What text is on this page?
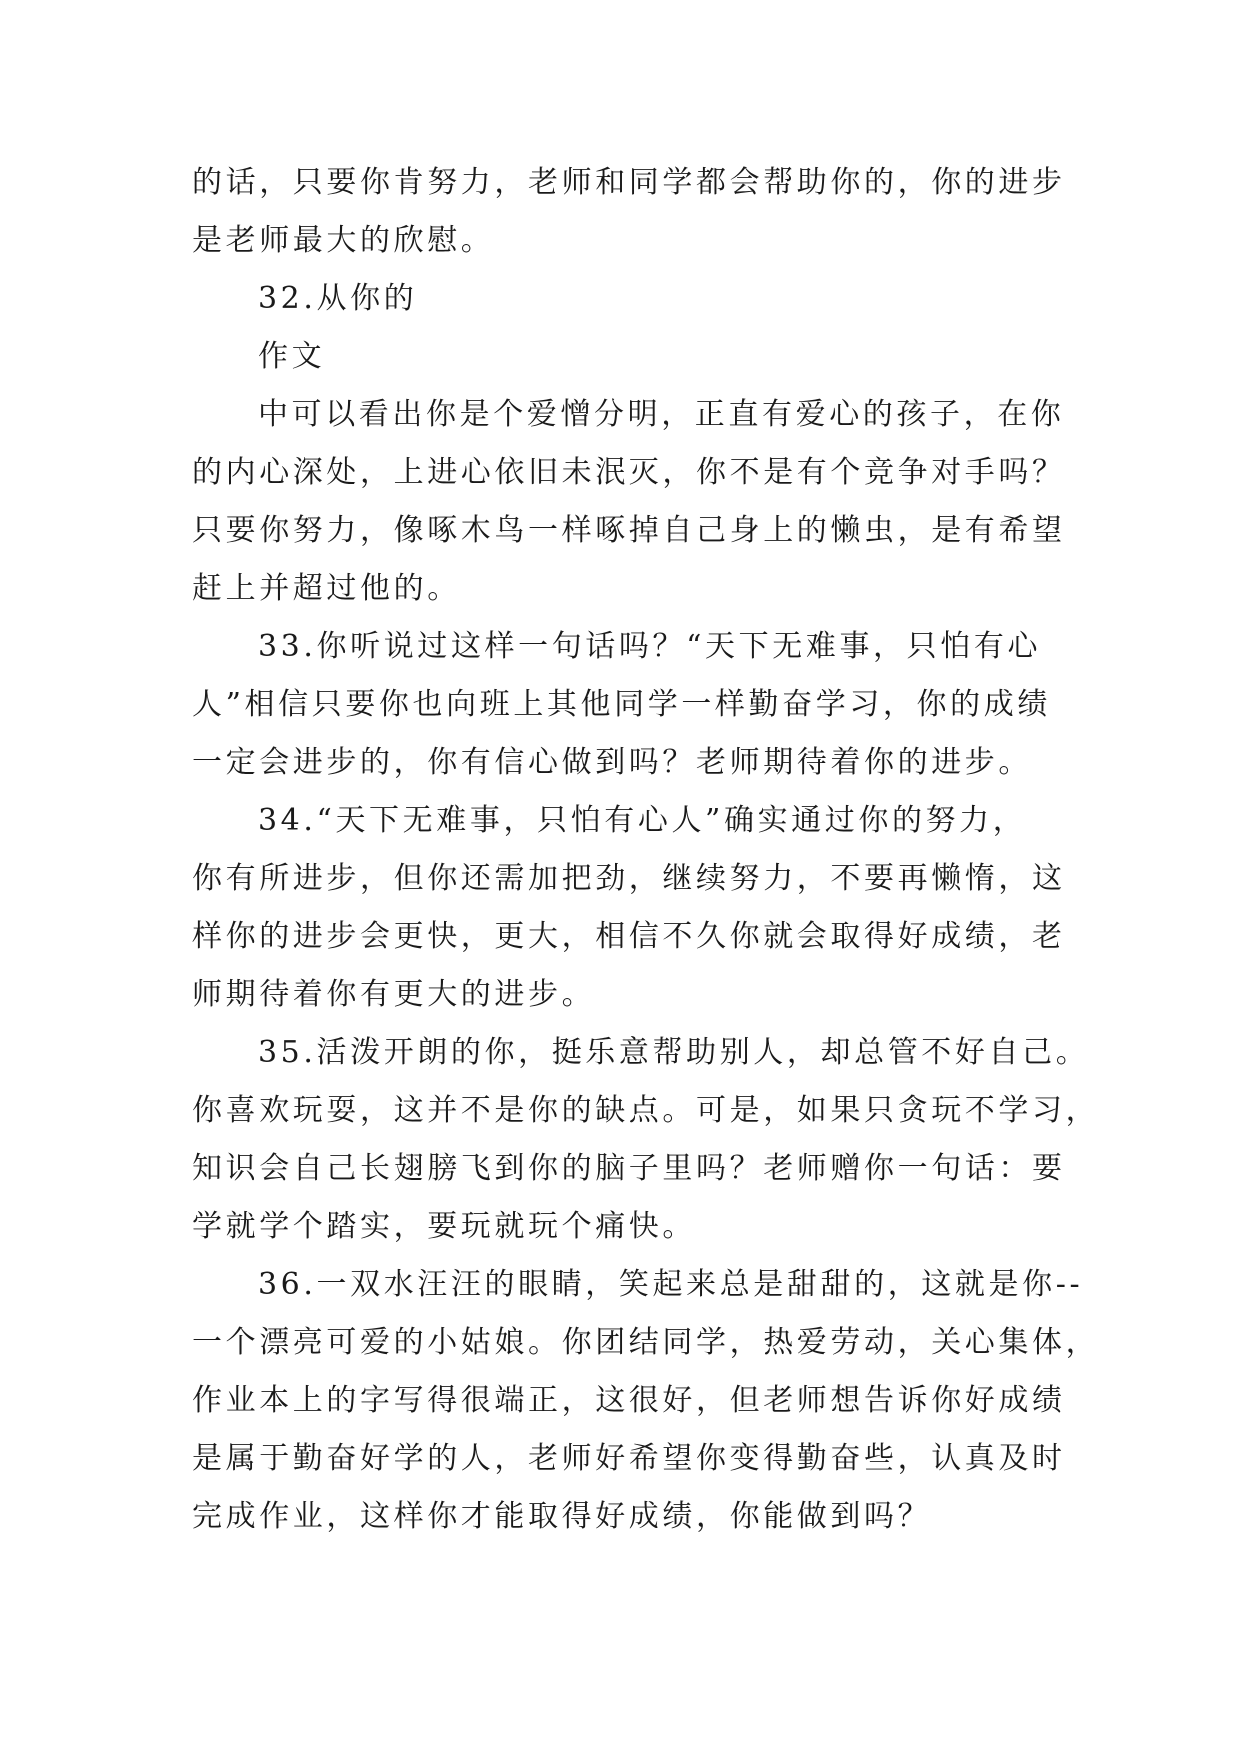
的话，只要你肯努力，老师和同学都会帮助你的，你的进步
是老师最大的欣慰。
32.从你的
作文
中可以看出你是个爱憎分明，正直有爱心的孩子，在你
的内心深处，上进心依旧未泯灭，你不是有个竞争对手吗？
只要你努力，像啄木鸟一样啄掉自己身上的懒虫，是有希望
赶上并超过他的。
33.你听说过这样一句话吗？“天下无难事，只怕有心
人”相信只要你也向班上其他同学一样勤奋学习，你的成绩
一定会进步的，你有信心做到吗？老师期待着你的进步。
34.“天下无难事，只怕有心人”确实通过你的努力，
你有所进步，但你还需加把劲，继续努力，不要再懒惰，这
样你的进步会更快，更大，相信不久你就会取得好成绩，老
师期待着你有更大的进步。
35.活泼开朗的你，挺乐意帮助别人，却总管不好自己。
你喜欢玩耍，这并不是你的缺点。可是，如果只贪玩不学习，
知识会自己长翅膀飞到你的脑子里吗？老师赠你一句话：要
学就学个踏实，要玩就玩个痛快。
36.一双水汪汪的眼睛，笑起来总是甜甜的，这就是你--
一个漂亮可爱的小姑娘。你团结同学，热爱劳动，关心集体，
作业本上的字写得很端正，这很好，但老师想告诉你好成绩
是属于勤奋好学的人，老师好希望你变得勤奋些，认真及时
完成作业，这样你才能取得好成绩，你能做到吗？
